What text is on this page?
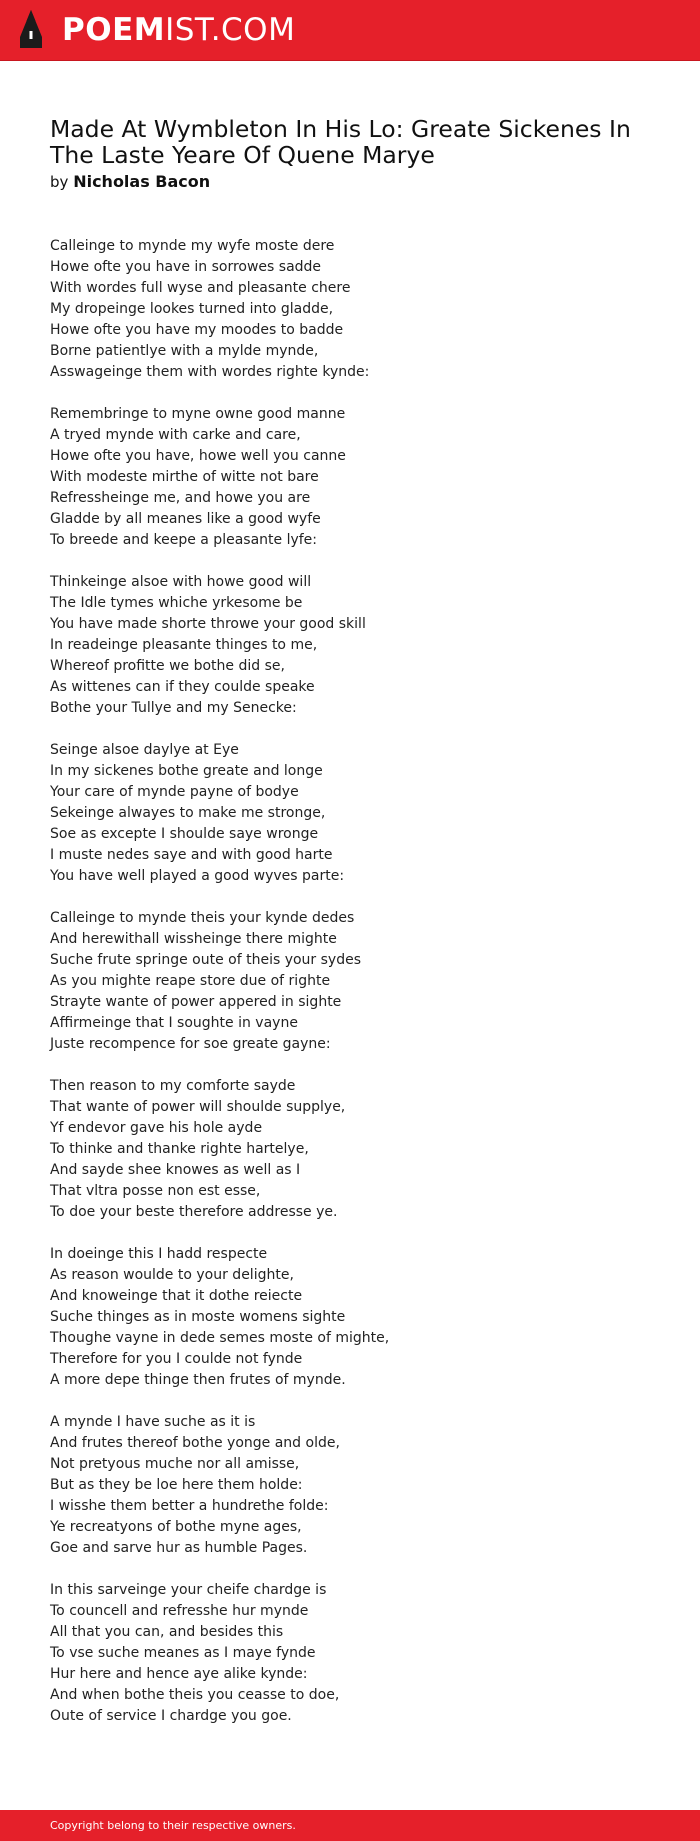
POEMIST.COM
Made At Wymbleton In His Lo: Greate Sickenes In The Laste Yeare Of Quene Marye
by Nicholas Bacon
Calleinge to mynde my wyfe moste dere
Howe ofte you have in sorrowes sadde
With wordes full wyse and pleasante chere
My dropeinge lookes turned into gladde,
Howe ofte you have my moodes to badde
Borne patientlye with a mylde mynde,
Asswageinge them with wordes righte kynde:
Remembringe to myne owne good manne
A tryed mynde with carke and care,
Howe ofte you have, howe well you canne
With modeste mirthe of witte not bare
Refressheinge me, and howe you are
Gladde by all meanes like a good wyfe
To breede and keepe a pleasante lyfe:
Thinkeinge alsoe with howe good will
The Idle tymes whiche yrkesome be
You have made shorte throwe your good skill
In readeinge pleasante thinges to me,
Whereof profitte we bothe did se,
As wittenes can if they coulde speake
Bothe your Tullye and my Senecke:
Seinge alsoe daylye at Eye
In my sickenes bothe greate and longe
Your care of mynde payne of bodye
Sekeinge alwayes to make me stronge,
Soe as excepte I shoulde saye wronge
I muste nedes saye and with good harte
You have well played a good wyves parte:
Calleinge to mynde theis your kynde dedes
And herewithall wissheinge there mighte
Suche frute springe oute of theis your sydes
As you mighte reape store due of righte
Strayte wante of power appered in sighte
Affirmeinge that I soughte in vayne
Juste recompence for soe greate gayne:
Then reason to my comforte sayde
That wante of power will shoulde supplye,
Yf endevor gave his hole ayde
To thinke and thanke righte hartelye,
And sayde shee knowes as well as I
That vltra posse non est esse,
To doe your beste therefore addresse ye.
In doeinge this I hadd respecte
As reason woulde to your delighte,
And knoweinge that it dothe reiecte
Suche thinges as in moste womens sighte
Thoughe vayne in dede semes moste of mighte,
Therefore for you I coulde not fynde
A more depe thinge then frutes of mynde.
A mynde I have suche as it is
And frutes thereof bothe yonge and olde,
Not pretyous muche nor all amisse,
But as they be loe here them holde:
I wisshe them better a hundrethe folde:
Ye recreatyons of bothe myne ages,
Goe and sarve hur as humble Pages.
In this sarveinge your cheife chardge is
To councell and refresshe hur mynde
All that you can, and besides this
To vse suche meanes as I maye fynde
Hur here and hence aye alike kynde:
And when bothe theis you ceasse to doe,
Oute of service I chardge you goe.
Copyright belong to their respective owners.
